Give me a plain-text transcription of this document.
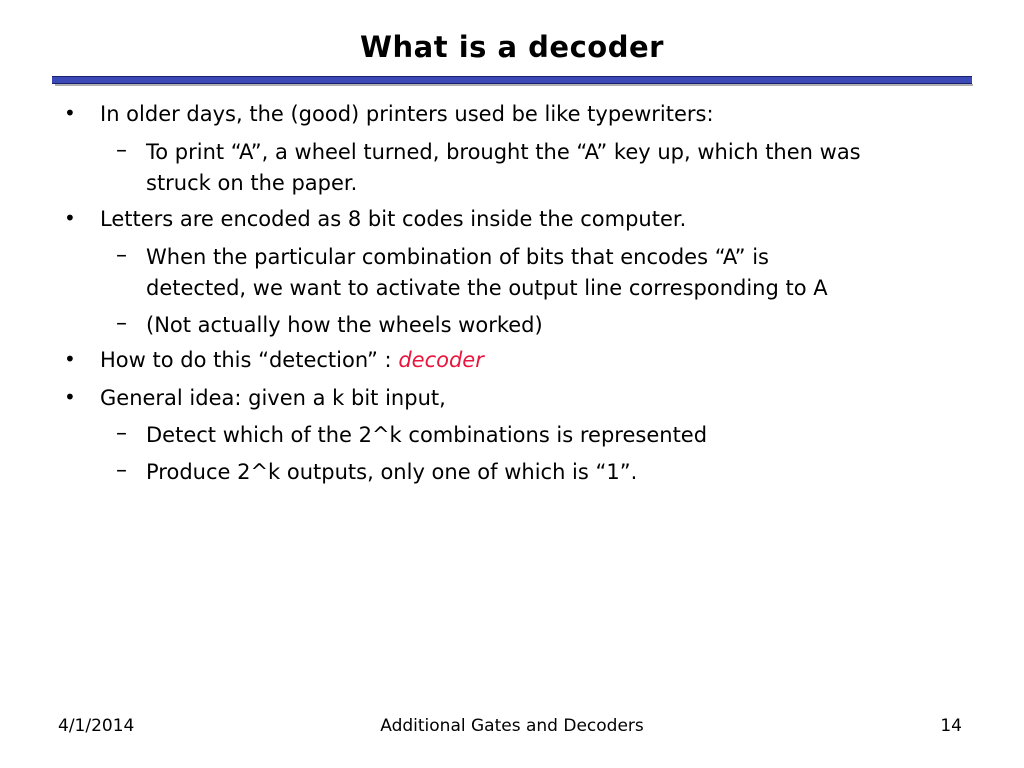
What is a decoder
• In older days, the (good) printers used be like typewriters:
– To print “A”, a wheel turned, brought the “A” key up, which then was
struck on the paper.
• Letters are encoded as 8 bit codes inside the computer.
– When the particular combination of bits that encodes “A” is
detected, we want to activate the output line corresponding to A
– (Not actually how the wheels worked)
• How to do this “detection” : decoder
• General idea: given a k bit input,
– Detect which of the 2^k combinations is represented
– Produce 2^k outputs, only one of which is “1”.
4/1/2014	Additional Gates and Decoders	14
